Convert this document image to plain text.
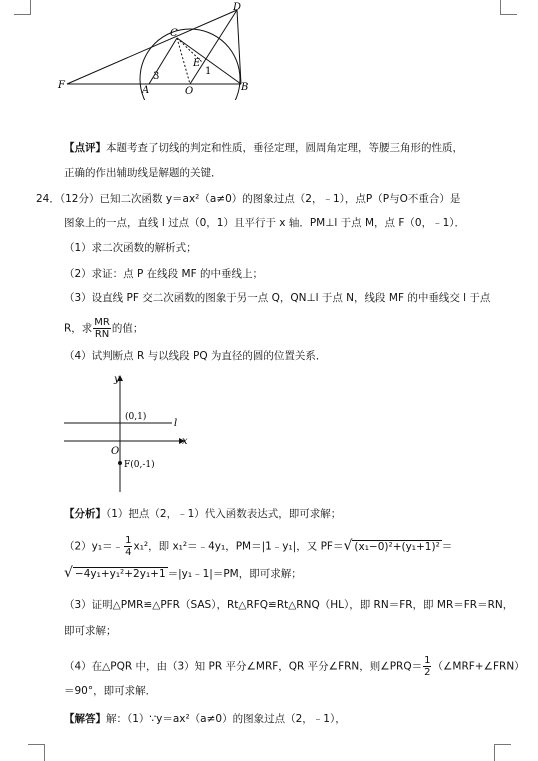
D
C
E
F	A	O	B
1
3
【点评】本题考查了切线的判定和性质，垂径定理，圆周角定理，等腰三角形的性质，
正确的作出辅助线是解题的关键．
24．（12分）已知二次函数 y＝ax²（a≠0）的图象过点（2，﹣1），点P（P与O不重合）是
图象上的一点，直线 l 过点（0，1）且平行于 x 轴．PM⊥l 于点 M，点 F（0，﹣1）．
（1）求二次函数的解析式；
（2）求证：点 P 在线段 MF 的中垂线上；
（3）设直线 PF 交二次函数的图象于另一点 Q，QN⊥l 于点 N，线段 MF 的中垂线交 l 于点
R，求 $\frac{MR}{RN}$ 的值；
（4）试判断点 R 与以线段 PQ 为直径的圆的位置关系．
y
x
l
O
(0,1)
F(0,-1)
【分析】（1）把点（2，﹣1）代入函数表达式，即可求解；
（2）y₁＝﹣ $\frac{1}{4} x_1^2$，即 x₁²＝﹣4y₁，PM＝|1﹣y₁|，又 PF＝√ (x₁−0)²+(y₁+1)² ＝
√ −4y₁+y₁²+2y₁+1 ＝|y₁﹣1|＝PM，即可求解；
（3）证明△PMR≌△PFR（SAS），Rt△RFQ≌Rt△RNQ（HL），即 RN＝FR，即 MR＝FR＝RN，
即可求解；
（4）在△PQR 中，由（3）知 PR 平分∠MRF，QR 平分∠FRN，则∠PRQ＝ $\frac{1}{2}$ （∠MRF+∠FRN）
＝90°，即可求解．
【解答】解：（1）∵y＝ax²（a≠0）的图象过点（2，﹣1），
